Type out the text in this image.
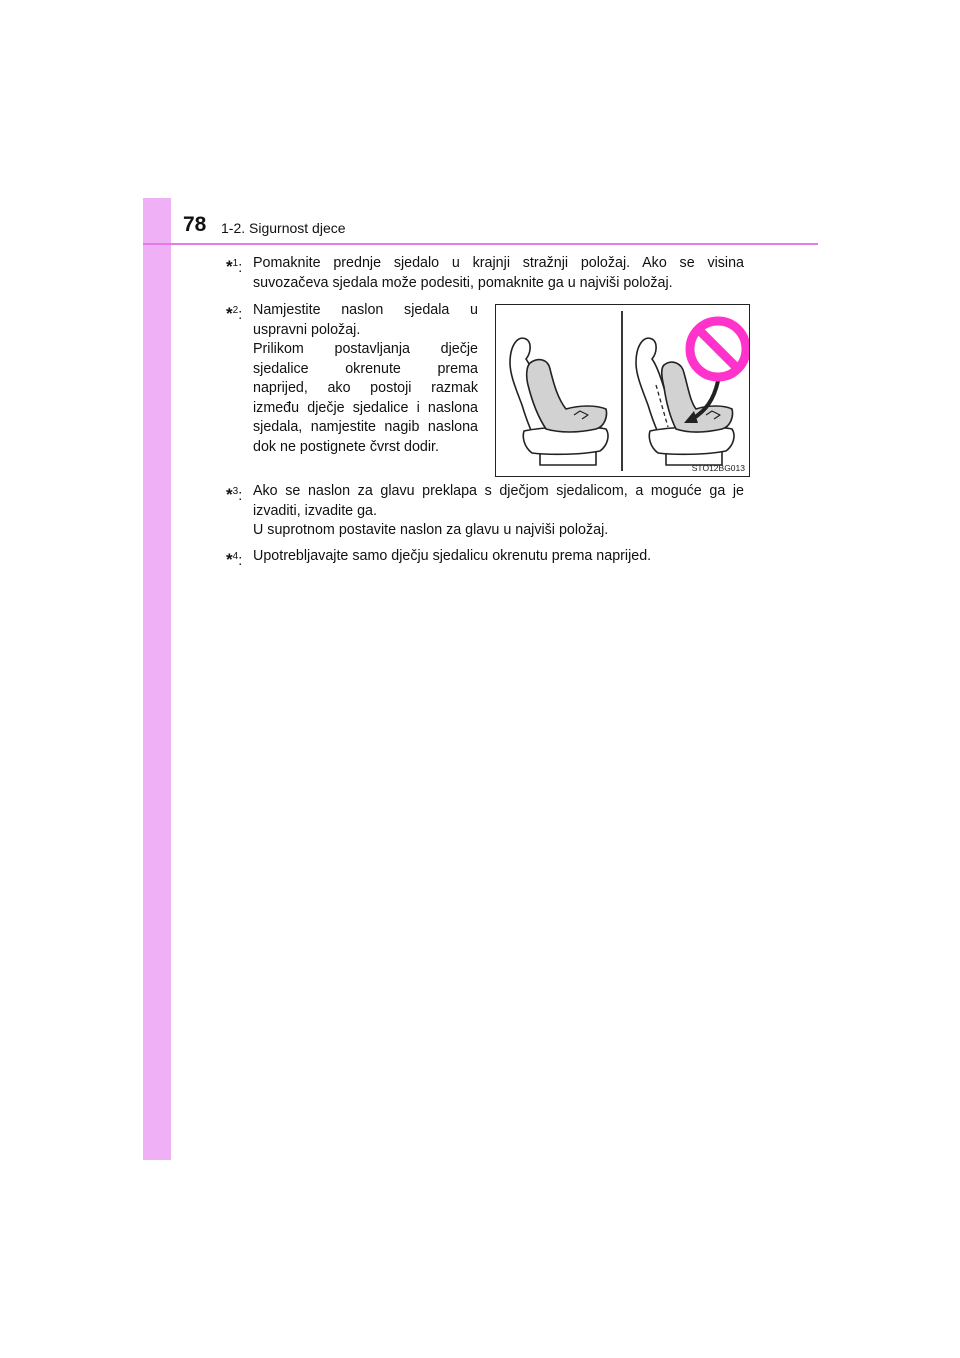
78 1-2. Sigurnost djece
*$^1$: Pomaknite prednje sjedalo u krajnji stražnji položaj. Ako se visina

suvozačeva sjedala može podesiti, pomaknite ga u najviši položaj.

*$^2$: Namjestite naslon sjedala u

uspravni položaj.

Prilikom postavljanja dječje

sjedalice okrenute prema

naprijed, ako postoji razmak

između dječje sjedalice i naslona

sjedala, namjestite nagib naslona

dok ne postignete čvrst dodir.

STO12BG013
*$^3$: Ako se naslon za glavu preklapa s dječjom sjedalicom, a moguće ga je

izvaditi, izvadite ga.

U suprotnom postavite naslon za glavu u najviši položaj.

*$^4$: Upotrebljavajte samo dječju sjedalicu okrenutu prema naprijed.
